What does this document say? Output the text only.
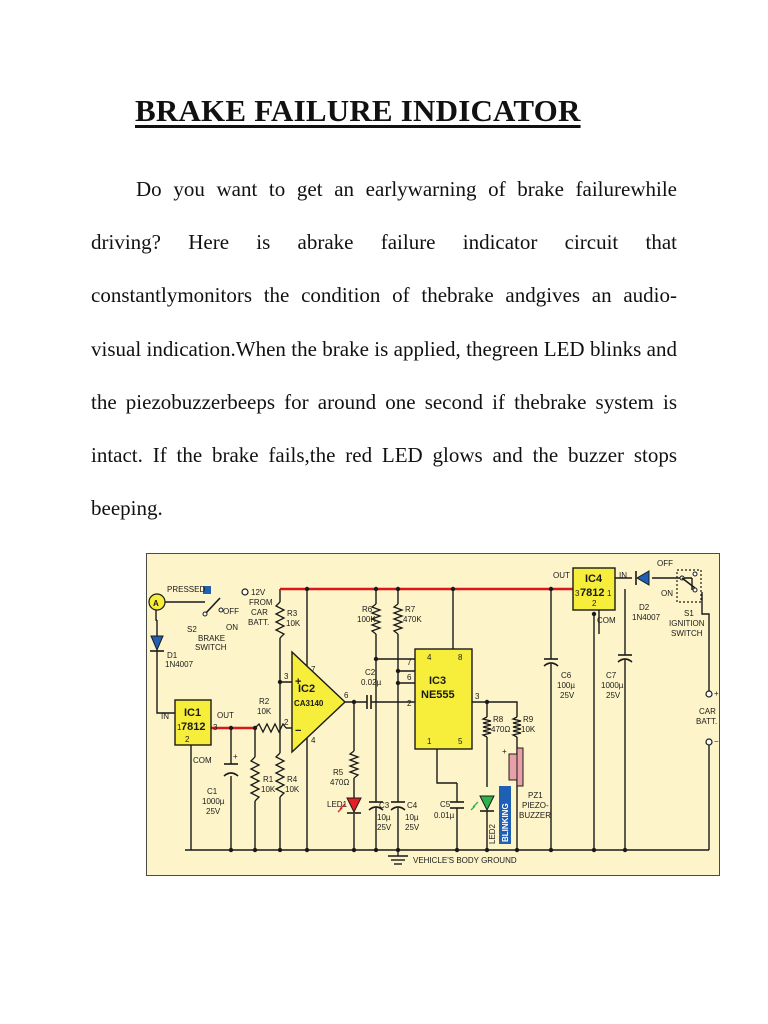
BRAKE FAILURE INDICATOR

Do you want to get an earlywarning of brake failurewhile driving? Here is abrake failure indicator circuit that constantlymonitors the condition of thebrake andgives an audio-visual indication.When the brake is applied, thegreen LED blinks and the piezobuzzerbeeps for around one second if thebrake system is intact. If the brake fails,the red LED glows and the buzzer stops beeping.

A
PRESSED
OFF
ON
S2
BRAKE
SWITCH
12V
FROM
CAR
BATT.
D1
1N4007
IC1
7812
IN	OUT
COM
1
2
3
+
C1
1000µ
25V
R1
10K
R2
10K
R3
10K
R4
10K
IC2
CA3140
+
−
3
2
7
4
6
C2
0.02µ
R5
470Ω
LED1
R6
100K
R7
470K
C3
10µ
25V
C4
10µ
25V
IC3
NE555
4	8
7
6
2
3
1	5
C5
0.01µ
R8
470Ω
R9
10K
LED2 BLINKING
+
PZ1
PIEZO-
BUZZER
VEHICLE'S BODY GROUND
IC4
7812
3	1
2
OUT	IN
COM
C6
100µ
25V
C7
1000µ
25V
D2
1N4007
OFF
ON
S1
IGNITION
SWITCH
+
CAR
BATT.
−
